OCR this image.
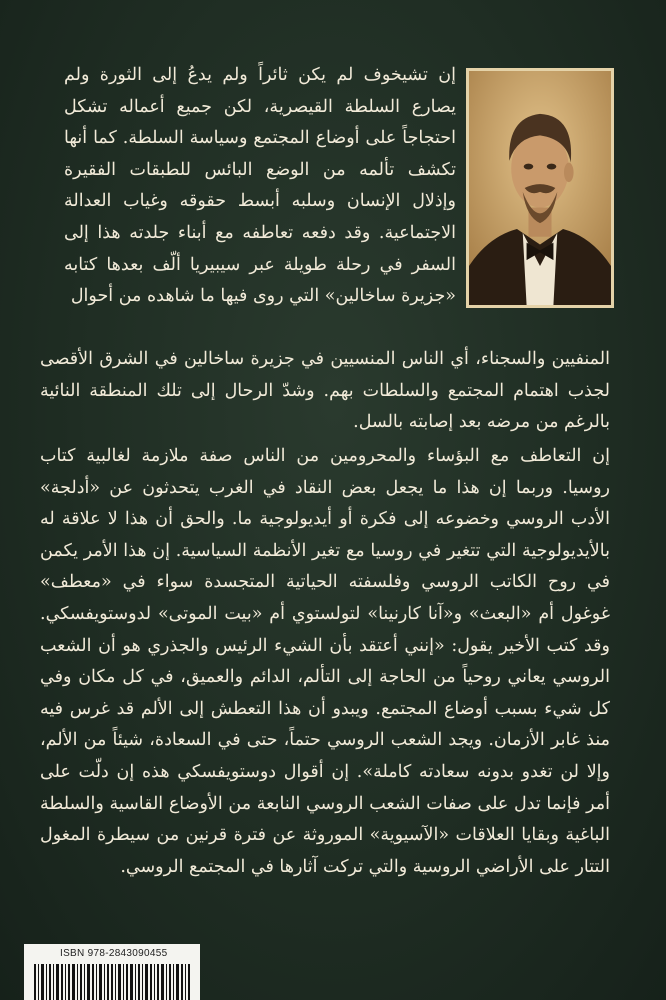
إن تشيخوف لم يكن ثائراً ولم يدعُ إلى الثورة ولم يصارع السلطة القيصرية، لكن جميع أعماله تشكل احتجاجاً على أوضاع المجتمع وسياسة السلطة. كما أنها تكشف تألمه من الوضع البائس للطبقات الفقيرة وإذلال الإنسان وسلبه أبسط حقوقه وغياب العدالة الاجتماعية. وقد دفعه تعاطفه مع أبناء جلدته هذا إلى السفر في رحلة طويلة عبر سيبيريا ألّف بعدها كتابه «جزيرة ساخالين» التي روى فيها ما شاهده من أحوال

المنفيين والسجناء، أي الناس المنسيين في جزيرة ساخالين في الشرق الأقصى لجذب اهتمام المجتمع والسلطات بهم. وشدّ الرحال إلى تلك المنطقة النائية بالرغم من مرضه بعد إصابته بالسل.

إن التعاطف مع البؤساء والمحرومين من الناس صفة ملازمة لغالبية كتاب روسيا. وربما إن هذا ما يجعل بعض النقاد في الغرب يتحدثون عن «أدلجة» الأدب الروسي وخضوعه إلى فكرة أو أيديولوجية ما. والحق أن هذا لا علاقة له بالأيديولوجية التي تتغير في روسيا مع تغير الأنظمة السياسية. إن هذا الأمر يكمن في روح الكاتب الروسي وفلسفته الحياتية المتجسدة سواء في «معطف» غوغول أم «البعث» و«آنا كارنينا» لتولستوي أم «بيت الموتى» لدوستويفسكي. وقد كتب الأخير يقول: «إنني أعتقد بأن الشيء الرئيس والجذري هو أن الشعب الروسي يعاني روحياً من الحاجة إلى التألم، الدائم والعميق، في كل مكان وفي كل شيء بسبب أوضاع المجتمع. ويبدو أن هذا التعطش إلى الألم قد غرس فيه منذ غابر الأزمان. ويجد الشعب الروسي حتماً، حتى في السعادة، شيئاً من الألم، وإلا لن تغدو بدونه سعادته كاملة». إن أقوال دوستويفسكي هذه إن دلّت على أمر فإنما تدل على صفات الشعب الروسي النابعة من الأوضاع القاسية والسلطة الباغية وبقايا العلاقات «الآسيوية» الموروثة عن فترة قرنين من سيطرة المغول التتار على الأراضي الروسية والتي تركت آثارها في المجتمع الروسي.

ISBN 978-2843090455
